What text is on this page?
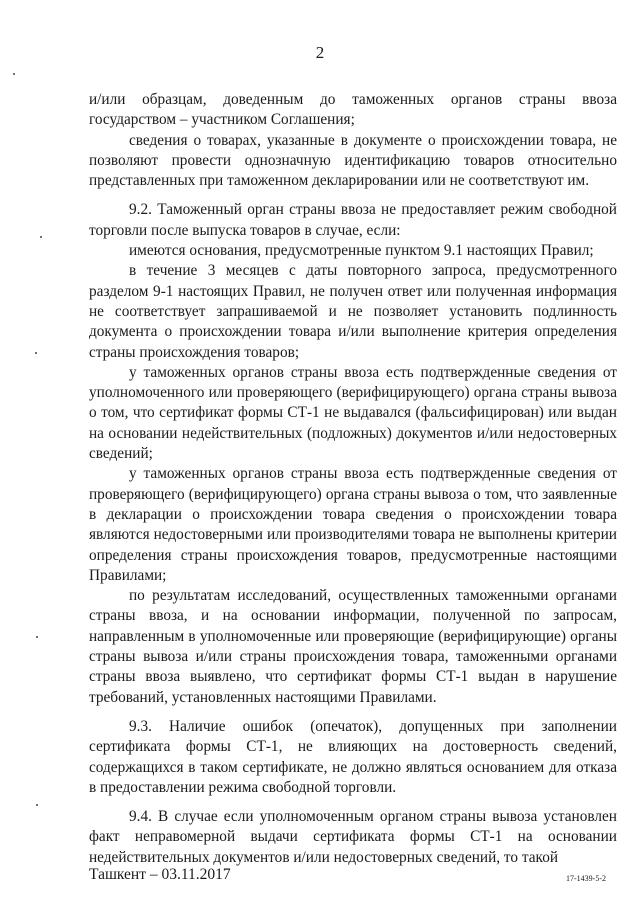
2

и/или образцам, доведенным до таможенных органов страны ввоза государством – участником Соглашения;

сведения о товарах, указанные в документе о происхождении товара, не позволяют провести однозначную идентификацию товаров относительно представленных при таможенном декларировании или не соответствуют им.

9.2. Таможенный орган страны ввоза не предоставляет режим свободной торговли после выпуска товаров в случае, если:

имеются основания, предусмотренные пунктом 9.1 настоящих Правил;

в течение 3 месяцев с даты повторного запроса, предусмотренного разделом 9-1 настоящих Правил, не получен ответ или полученная информация не соответствует запрашиваемой и не позволяет установить подлинность документа о происхождении товара и/или выполнение критерия определения страны происхождения товаров;

у таможенных органов страны ввоза есть подтвержденные сведения от уполномоченного или проверяющего (верифицирующего) органа страны вывоза о том, что сертификат формы СТ-1 не выдавался (фальсифицирован) или выдан на основании недействительных (подложных) документов и/или недостоверных сведений;

у таможенных органов страны ввоза есть подтвержденные сведения от проверяющего (верифицирующего) органа страны вывоза о том, что заявленные в декларации о происхождении товара сведения о происхождении товара являются недостоверными или производителями товара не выполнены критерии определения страны происхождения товаров, предусмотренные настоящими Правилами;

по результатам исследований, осуществленных таможенными органами страны ввоза, и на основании информации, полученной по запросам, направленным в уполномоченные или проверяющие (верифицирующие) органы страны вывоза и/или страны происхождения товара, таможенными органами страны ввоза выявлено, что сертификат формы СТ-1 выдан в нарушение требований, установленных настоящими Правилами.

9.3. Наличие ошибок (опечаток), допущенных при заполнении сертификата формы СТ-1, не влияющих на достоверность сведений, содержащихся в таком сертификате, не должно являться основанием для отказа в предоставлении режима свободной торговли.

9.4. В случае если уполномоченным органом страны вывоза установлен факт неправомерной выдачи сертификата формы СТ-1 на основании недействительных документов и/или недостоверных сведений, то такой

Ташкент – 03.11.2017	17-1439-5-2
